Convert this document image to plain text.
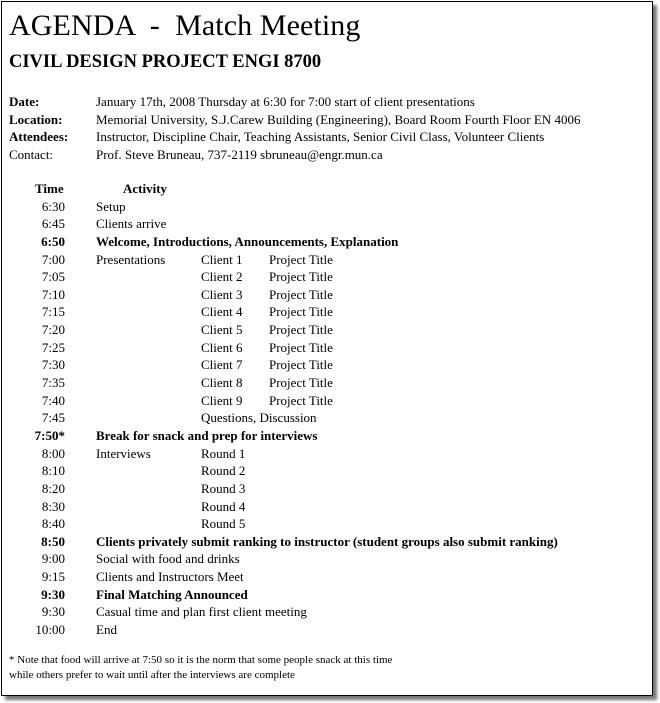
AGENDA  -  Match Meeting
CIVIL DESIGN PROJECT ENGI 8700
Date:	January 17th, 2008 Thursday at 6:30 for 7:00 start of client presentations
Location:	Memorial University, S.J.Carew Building (Engineering), Board Room Fourth Floor EN 4006
Attendees: Instructor, Discipline Chair, Teaching Assistants, Senior Civil Class, Volunteer Clients
Contact:	Prof. Steve Bruneau, 737-2119 sbruneau@engr.mun.ca
Time	Activity
6:30 Setup
6:45 Clients arrive
6:50 Welcome, Introductions, Announcements, Explanation
7:00 Presentations	Client 1 Project Title
7:05	Client 2 Project Title
7:10	Client 3 Project Title
7:15	Client 4 Project Title
7:20	Client 5 Project Title
7:25	Client 6 Project Title
7:30	Client 7 Project Title
7:35	Client 8 Project Title
7:40	Client 9 Project Title
7:45	Questions, Discussion
7:50* Break for snack and prep for interviews
8:00 Interviews	Round 1
8:10	Round 2
8:20	Round 3
8:30	Round 4
8:40	Round 5
8:50 Clients privately submit ranking to instructor (student groups also submit ranking)
9:00 Social with food and drinks
9:15 Clients and Instructors Meet
9:30 Final Matching Announced
9:30 Casual time and plan first client meeting
10:00 End
* Note that food will arrive at 7:50 so it is the norm that some people snack at this time
while others prefer to wait until after the interviews are complete
